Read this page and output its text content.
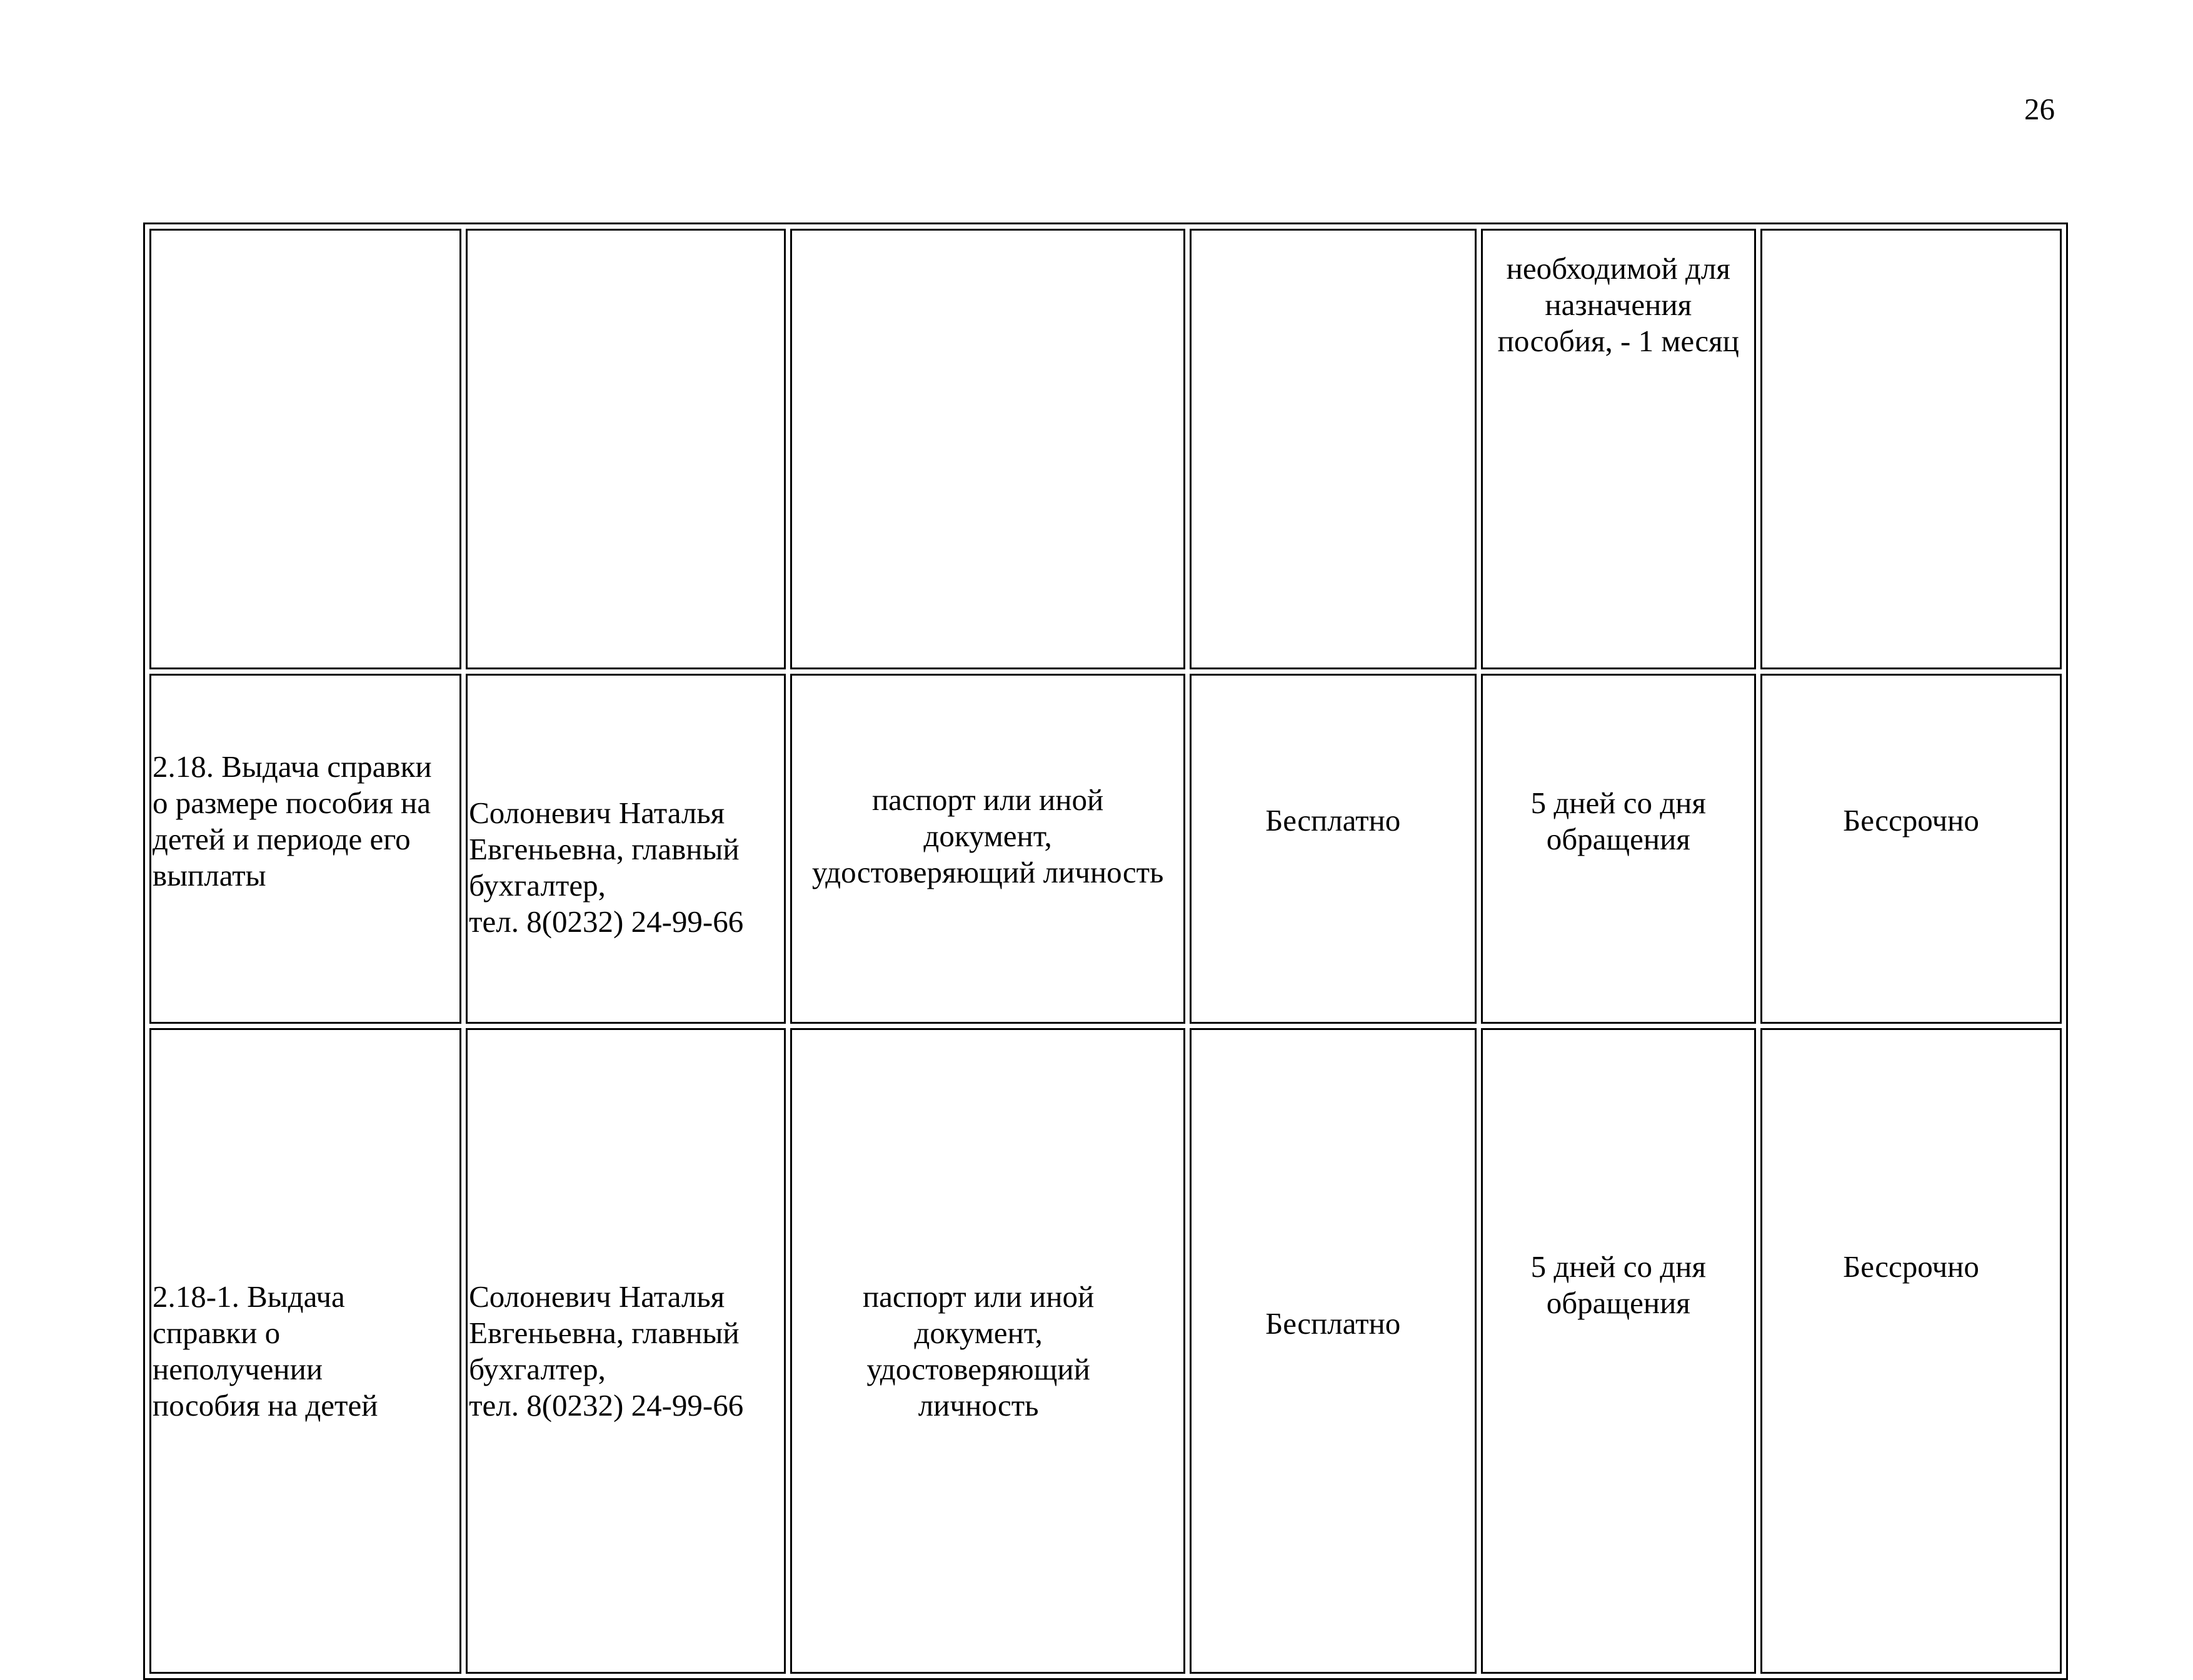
26
				необходимой для
назначения
пособия, - 1 месяц	
2.18. Выдача справки
о размере пособия на
детей и периоде его
выплаты	Солоневич Наталья
Евгеньевна, главный
бухгалтер,
тел. 8(0232) 24-99-66	паспорт или иной
документ,
удостоверяющий личность	Бесплатно	5 дней со дня
обращения	Бессрочно
2.18-1. Выдача
справки о
неполучении
пособия на детей	Солоневич Наталья
Евгеньевна, главный
бухгалтер,
тел. 8(0232) 24-99-66	паспорт или иной
документ,
удостоверяющий
личность	Бесплатно	5 дней со дня
обращения	Бессрочно
